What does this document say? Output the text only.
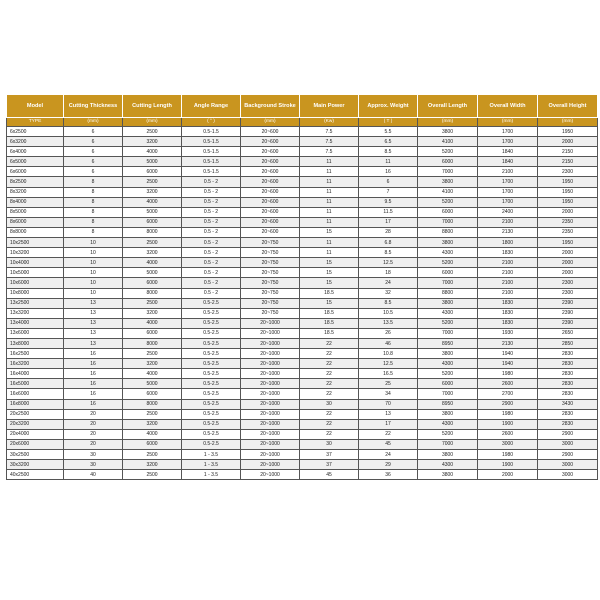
Model	Cutting Thickness	Cutting Length	Angle Range	Background Stroke	Main Power	Approx. Weight	Overall Length	Overall Width	Overall Height
TYPE	(mm)	(mm)	( ° )	(mm)	(Kw)	( T )	(mm)	(mm)	(mm)
6x2500	6	2500	0.5-1.5	20~600	7.5	5.5	3800	1700	1950
6x3200	6	3200	0.5-1.5	20~600	7.5	6.5	4100	1700	2000
6x4000	6	4000	0.5-1.5	20~600	7.5	8.5	5200	1840	2150
6x5000	6	5000	0.5-1.5	20~600	11	11	6000	1840	2150
6x6000	6	6000	0.5-1.5	20~600	11	16	7000	2100	2300
8x2500	8	2500	0.5 - 2	20~600	11	6	3800	1700	1950
8x3200	8	3200	0.5 - 2	20~600	11	7	4100	1700	1950
8x4000	8	4000	0.5 - 2	20~600	11	9.5	5200	1700	1950
8x5000	8	5000	0.5 - 2	20~600	11	11.5	6000	2400	2000
8x6000	8	6000	0.5 - 2	20~600	11	17	7000	2100	2350
8x8000	8	8000	0.5 - 2	20~600	15	28	8800	2130	2350
10x2500	10	2500	0.5 - 2	20~750	11	6.8	3800	1800	1950
10x3200	10	3200	0.5 - 2	20~750	11	8.5	4300	1830	2000
10x4000	10	4000	0.5 - 2	20~750	15	12.5	5200	2100	2000
10x5000	10	5000	0.5 - 2	20~750	15	18	6000	2100	2000
10x6000	10	6000	0.5 - 2	20~750	15	24	7000	2100	2300
10x8000	10	8000	0.5 - 2	20~750	18.5	32	8800	2100	2300
13x2500	13	2500	0.5-2.5	20~750	15	8.5	3800	1830	2390
13x3200	13	3200	0.5-2.5	20~750	18.5	10.5	4300	1830	2390
13x4000	13	4000	0.5-2.5	20~1000	18.5	13.5	5200	1830	2390
13x6000	13	6000	0.5-2.5	20~1000	18.5	26	7000	1930	2650
13x8000	13	8000	0.5-2.5	20~1000	22	46	8950	2130	2850
16x2500	16	2500	0.5-2.5	20~1000	22	10.8	3800	1940	2830
16x3200	16	3200	0.5-2.5	20~1000	22	12.5	4300	1940	2830
16x4000	16	4000	0.5-2.5	20~1000	22	16.5	5200	1980	2830
16x5000	16	5000	0.5-2.5	20~1000	22	25	6000	2600	2830
16x6000	16	6000	0.5-2.5	20~1000	22	34	7000	2700	2830
16x8000	16	8000	0.5-2.5	20~1000	30	70	8950	2900	3430
20x2500	20	2500	0.5-2.5	20~1000	22	13	3800	1980	2830
20x3200	20	3200	0.5-2.5	20~1000	22	17	4300	1900	2830
20x4000	20	4000	0.5-2.5	20~1000	22	22	5200	2600	2900
20x6000	20	6000	0.5-2.5	20~1000	30	45	7000	3000	3000
30x2500	30	2500	1 - 3.5	20~1000	37	24	3800	1980	2900
30x3200	30	3200	1 - 3.5	20~1000	37	29	4300	1900	3000
40x2500	40	2500	1 - 3.5	20~1000	45	36	3800	2000	3000
